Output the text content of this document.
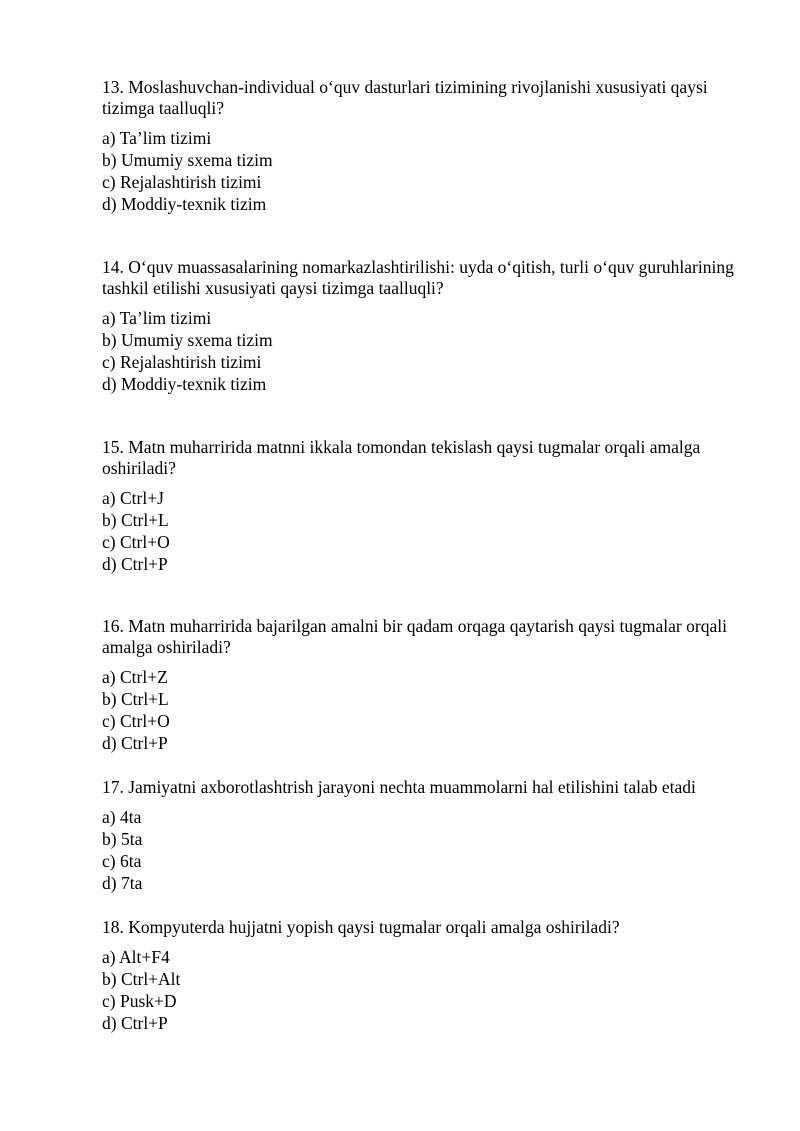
13. Moslashuvchan-individual o‘quv dasturlari tizimining rivojlanishi xususiyati qaysi tizimga taalluqli?

a) Ta’lim tizimi
b) Umumiy sxema tizim
c) Rejalashtirish tizimi
d) Moddiy-texnik tizim

14. O‘quv muassasalarining nomarkazlashtirilishi: uyda o‘qitish, turli o‘quv guruhlarining tashkil etilishi xususiyati qaysi tizimga taalluqli?

a) Ta’lim tizimi
b) Umumiy sxema tizim
c) Rejalashtirish tizimi
d) Moddiy-texnik tizim

15. Matn muharririda matnni ikkala tomondan tekislash qaysi tugmalar orqali amalga oshiriladi?

a) Ctrl+J
b) Ctrl+L
c) Ctrl+O
d) Ctrl+P

16. Matn muharririda bajarilgan amalni bir qadam orqaga qaytarish qaysi tugmalar orqali amalga oshiriladi?

a) Ctrl+Z
b) Ctrl+L
c) Ctrl+O
d) Ctrl+P

17. Jamiyatni axborotlashtrish jarayoni nechta muammolarni hal etilishini talab etadi

a) 4ta
b) 5ta
c) 6ta
d) 7ta

18. Kompyuterda hujjatni yopish qaysi tugmalar orqali amalga oshiriladi?

a) Alt+F4
b) Ctrl+Alt
c) Pusk+D
d) Ctrl+P
